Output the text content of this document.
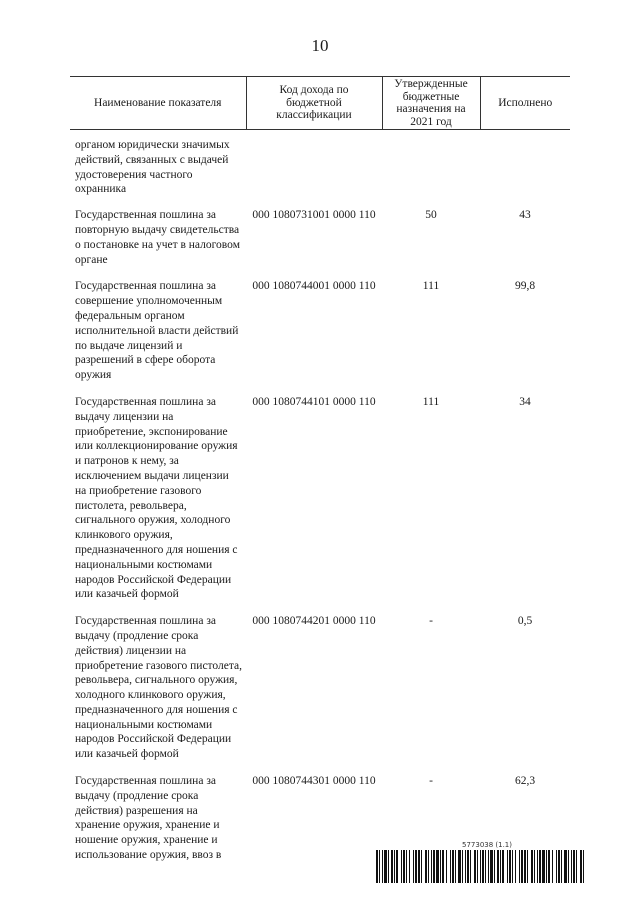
10
Наименование показателя	Код дохода по бюджетной классификации	Утвержденные бюджетные назначения на 2021 год	Исполнено
органом юридически значимых действий, связанных с выдачей удостоверения частного охранника			
Государственная пошлина за повторную выдачу свидетельства о постановке на учет в налоговом органе	000 1080731001 0000 110	50	43
Государственная пошлина за совершение уполномоченным федеральным органом исполнительной власти действий по выдаче лицензий и разрешений в сфере оборота оружия	000 1080744001 0000 110	111	99,8
Государственная пошлина за выдачу лицензии на приобретение, экспонирование или коллекционирование оружия и патронов к нему, за исключением выдачи лицензии на приобретение газового пистолета, револьвера, сигнального оружия, холодного клинкового оружия, предназначенного для ношения с национальными костюмами народов Российской Федерации или казачьей формой	000 1080744101 0000 110	111	34
Государственная пошлина за выдачу (продление срока действия) лицензии на приобретение газового пистолета, револьвера, сигнального оружия, холодного клинкового оружия, предназначенного для ношения с национальными костюмами народов Российской Федерации или казачьей формой	000 1080744201 0000 110	-	0,5
Государственная пошлина за выдачу (продление срока действия) разрешения на хранение оружия, хранение и ношение оружия, хранение и использование оружия, ввоз в	000 1080744301 0000 110	-	62,3
5773038 (1.1)
